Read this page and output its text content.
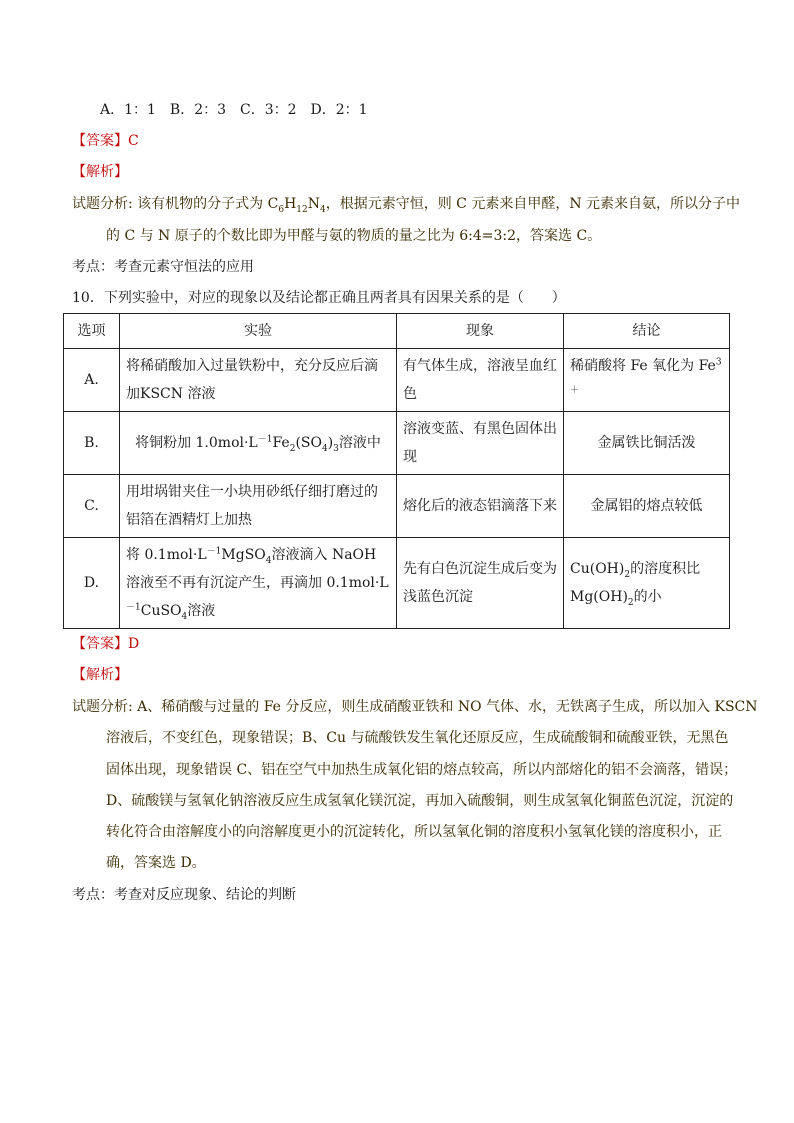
A．1：1　B．2：3　C．3：2　D．2：1
【答案】C
【解析】
试题分析: 该有机物的分子式为 $C_6H_{12}N_4$，根据元素守恒，则 C 元素来自甲醛，N 元素来自氨，所以分子中
的 C 与 N 原子的个数比即为甲醛与氨的物质的量之比为 6:4=3:2，答案选 C。
考点：考查元素守恒法的应用
10．下列实验中，对应的现象以及结论都正确且两者具有因果关系的是（　　）
选项	实验	现象	结论
A.	将稀硝酸加入过量铁粉中，充分反应后滴加KSCN 溶液	有气体生成，溶液呈血红色	稀硝酸将 Fe 氧化为 $Fe^{3+}$
B.	将铜粉加 $1.0mol\cdot L^{-1}Fe_2(SO_4)_3$溶液中	溶液变蓝、有黑色固体出现	金属铁比铜活泼
C.	用坩埚钳夹住一小块用砂纸仔细打磨过的铝箔在酒精灯上加热	熔化后的液态铝滴落下来	金属铝的熔点较低
D.	将 $0.1mol\cdot L^{-1}MgSO_4$溶液滴入 NaOH 溶液至不再有沉淀产生，再滴加 $0.1mol\cdot L^{-1}CuSO_4$溶液	先有白色沉淀生成后变为浅蓝色沉淀	$Cu(OH)_2$的溶度积比
$Mg(OH)_2$的小
【答案】D
【解析】
试题分析: A、稀硝酸与过量的 Fe 分反应，则生成硝酸亚铁和 NO 气体、水，无铁离子生成，所以加入 KSCN
溶液后，不变红色，现象错误；B、Cu 与硫酸铁发生氧化还原反应，生成硫酸铜和硫酸亚铁，无黑色
固体出现，现象错误 C、铝在空气中加热生成氧化铝的熔点较高，所以内部熔化的铝不会滴落，错误；
D、硫酸镁与氢氧化钠溶液反应生成氢氧化镁沉淀，再加入硫酸铜，则生成氢氧化铜蓝色沉淀，沉淀的
转化符合由溶解度小的向溶解度更小的沉淀转化，所以氢氧化铜的溶度积小氢氧化镁的溶度积小，正
确，答案选 D。
考点：考查对反应现象、结论的判断
